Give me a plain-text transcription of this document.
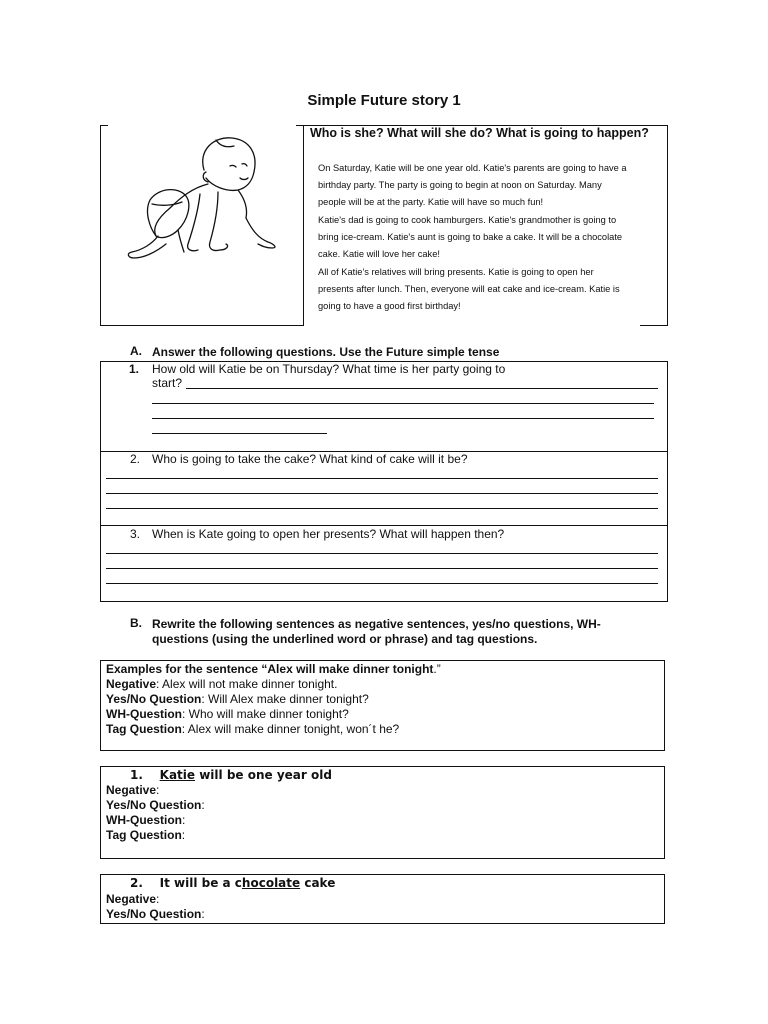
Simple Future story 1
Who is she? What will she do? What is going to happen?
On Saturday, Katie will be one year old. Katie's parents are going to have a
birthday party. The party is going to begin at noon on Saturday. Many
people will be at the party. Katie will have so much fun!
Katie's dad is going to cook hamburgers. Katie's grandmother is going to
bring ice-cream. Katie's aunt is going to bake a cake. It will be a chocolate
cake. Katie will love her cake!
All of Katie's relatives will bring presents. Katie is going to open her
presents after lunch. Then, everyone will eat cake and ice-cream. Katie is
going to have a good first birthday!
A. Answer the following questions. Use the Future simple tense
1. How old will Katie be on Thursday? What time is her party going to
start?
2. Who is going to take the cake? What kind of cake will it be?
3. When is Kate going to open her presents? What will happen then?
B. Rewrite the following sentences as negative sentences, yes/no questions, WH-
questions (using the underlined word or phrase) and tag questions.
Examples for the sentence “Alex will make dinner tonight.”
Negative: Alex will not make dinner tonight.
Yes/No Question: Will Alex make dinner tonight?
WH-Question: Who will make dinner tonight?
Tag Question: Alex will make dinner tonight, won´t he?
1. Katie will be one year old
Negative:
Yes/No Question:
WH-Question:
Tag Question:
2. It will be a chocolate cake
Negative:
Yes/No Question:
